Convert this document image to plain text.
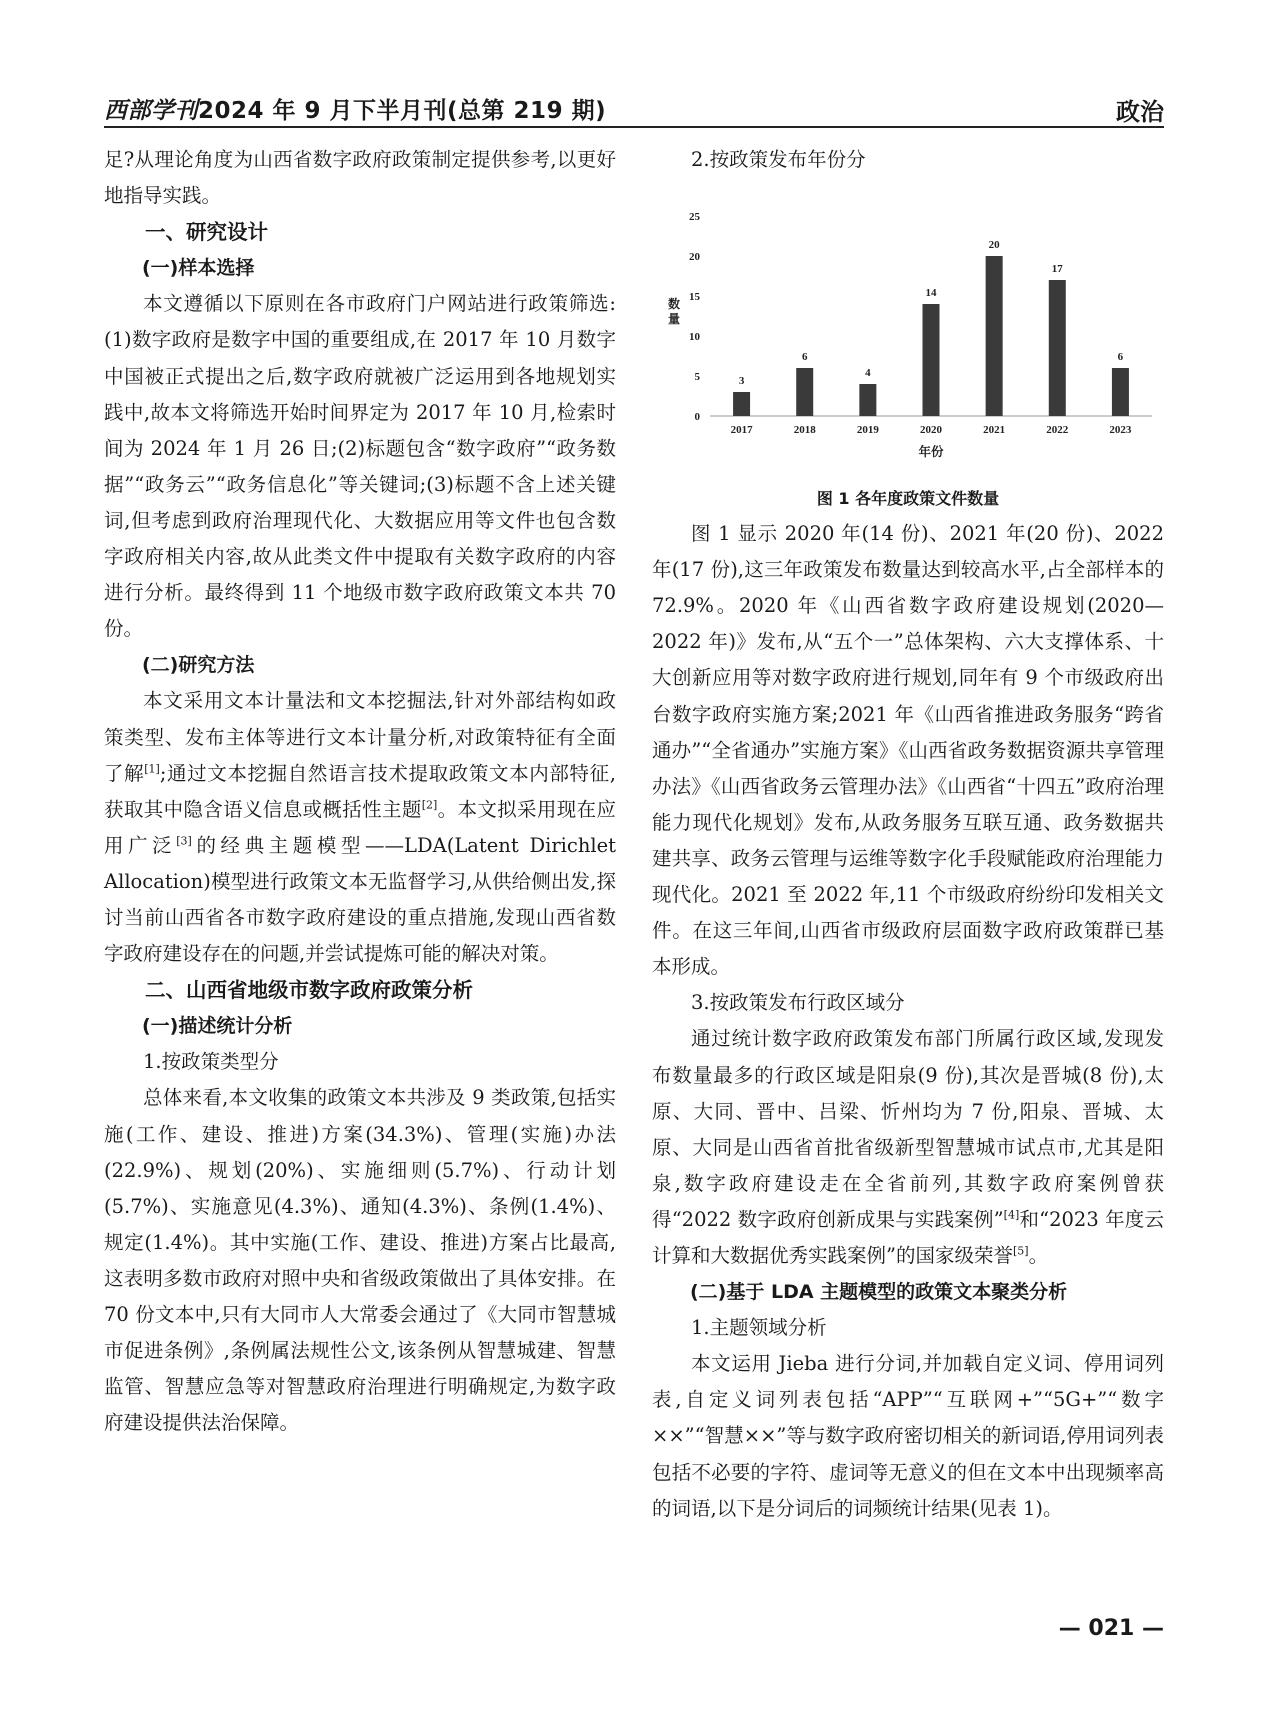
西部学刊2024 年 9 月下半月刊(总第 219 期)	政治

足?从理论角度为山西省数字政府政策制定提供参考,以更好地指导实践。

一、研究设计
(一)样本选择

本文遵循以下原则在各市政府门户网站进行政策筛选:(1)数字政府是数字中国的重要组成,在 2017 年 10 月数字中国被正式提出之后,数字政府就被广泛运用到各地规划实践中,故本文将筛选开始时间界定为 2017 年 10 月,检索时间为 2024 年 1 月 26 日;(2)标题包含“数字政府”“政务数据”“政务云”“政务信息化”等关键词;(3)标题不含上述关键词,但考虑到政府治理现代化、大数据应用等文件也包含数字政府相关内容,故从此类文件中提取有关数字政府的内容进行分析。最终得到 11 个地级市数字政府政策文本共 70 份。

(二)研究方法

本文采用文本计量法和文本挖掘法,针对外部结构如政策类型、发布主体等进行文本计量分析,对政策特征有全面了解[1];通过文本挖掘自然语言技术提取政策文本内部特征,获取其中隐含语义信息或概括性主题[2]。本文拟采用现在应用广泛[3]的经典主题模型——LDA(Latent Dirichlet Allocation)模型进行政策文本无监督学习,从供给侧出发,探讨当前山西省各市数字政府建设的重点措施,发现山西省数字政府建设存在的问题,并尝试提炼可能的解决对策。

二、山西省地级市数字政府政策分析
(一)描述统计分析
1.按政策类型分

总体来看,本文收集的政策文本共涉及 9 类政策,包括实施(工作、建设、推进)方案(34.3%)、管理(实施)办法(22.9%)、规划(20%)、实施细则(5.7%)、行动计划(5.7%)、实施意见(4.3%)、通知(4.3%)、条例(1.4%)、规定(1.4%)。其中实施(工作、建设、推进)方案占比最高,这表明多数市政府对照中央和省级政策做出了具体安排。在 70 份文本中,只有大同市人大常委会通过了《大同市智慧城市促进条例》,条例属法规性公文,该条例从智慧城建、智慧监管、智慧应急等对智慧政府治理进行明确规定,为数字政府建设提供法治保障。

2.按政策发布年份分
0
5
10
15
20
25
数量
3
2017
6
2018
4
2019
14
2020
20
2021
17
2022
6
2023
年份
图 1 各年度政策文件数量

图 1 显示 2020 年(14 份)、2021 年(20 份)、2022 年(17 份),这三年政策发布数量达到较高水平,占全部样本的 72.9%。2020 年《山西省数字政府建设规划(2020—2022 年)》发布,从“五个一”总体架构、六大支撑体系、十大创新应用等对数字政府进行规划,同年有 9 个市级政府出台数字政府实施方案;2021 年《山西省推进政务服务“跨省通办”“全省通办”实施方案》《山西省政务数据资源共享管理办法》《山西省政务云管理办法》《山西省“十四五”政府治理能力现代化规划》发布,从政务服务互联互通、政务数据共建共享、政务云管理与运维等数字化手段赋能政府治理能力现代化。2021 至 2022 年,11 个市级政府纷纷印发相关文件。在这三年间,山西省市级政府层面数字政府政策群已基本形成。

3.按政策发布行政区域分

通过统计数字政府政策发布部门所属行政区域,发现发布数量最多的行政区域是阳泉(9 份),其次是晋城(8 份),太原、大同、晋中、吕梁、忻州均为 7 份,阳泉、晋城、太原、大同是山西省首批省级新型智慧城市试点市,尤其是阳泉,数字政府建设走在全省前列,其数字政府案例曾获得“2022 数字政府创新成果与实践案例”[4]和“2023 年度云计算和大数据优秀实践案例”的国家级荣誉[5]。

(二)基于 LDA 主题模型的政策文本聚类分析
1.主题领域分析

本文运用 Jieba 进行分词,并加载自定义词、停用词列表,自定义词列表包括“APP”“互联网+”“5G+”“数字××”“智慧××”等与数字政府密切相关的新词语,停用词列表包括不必要的字符、虚词等无意义的但在文本中出现频率高的词语,以下是分词后的词频统计结果(见表 1)。

— 021 —
